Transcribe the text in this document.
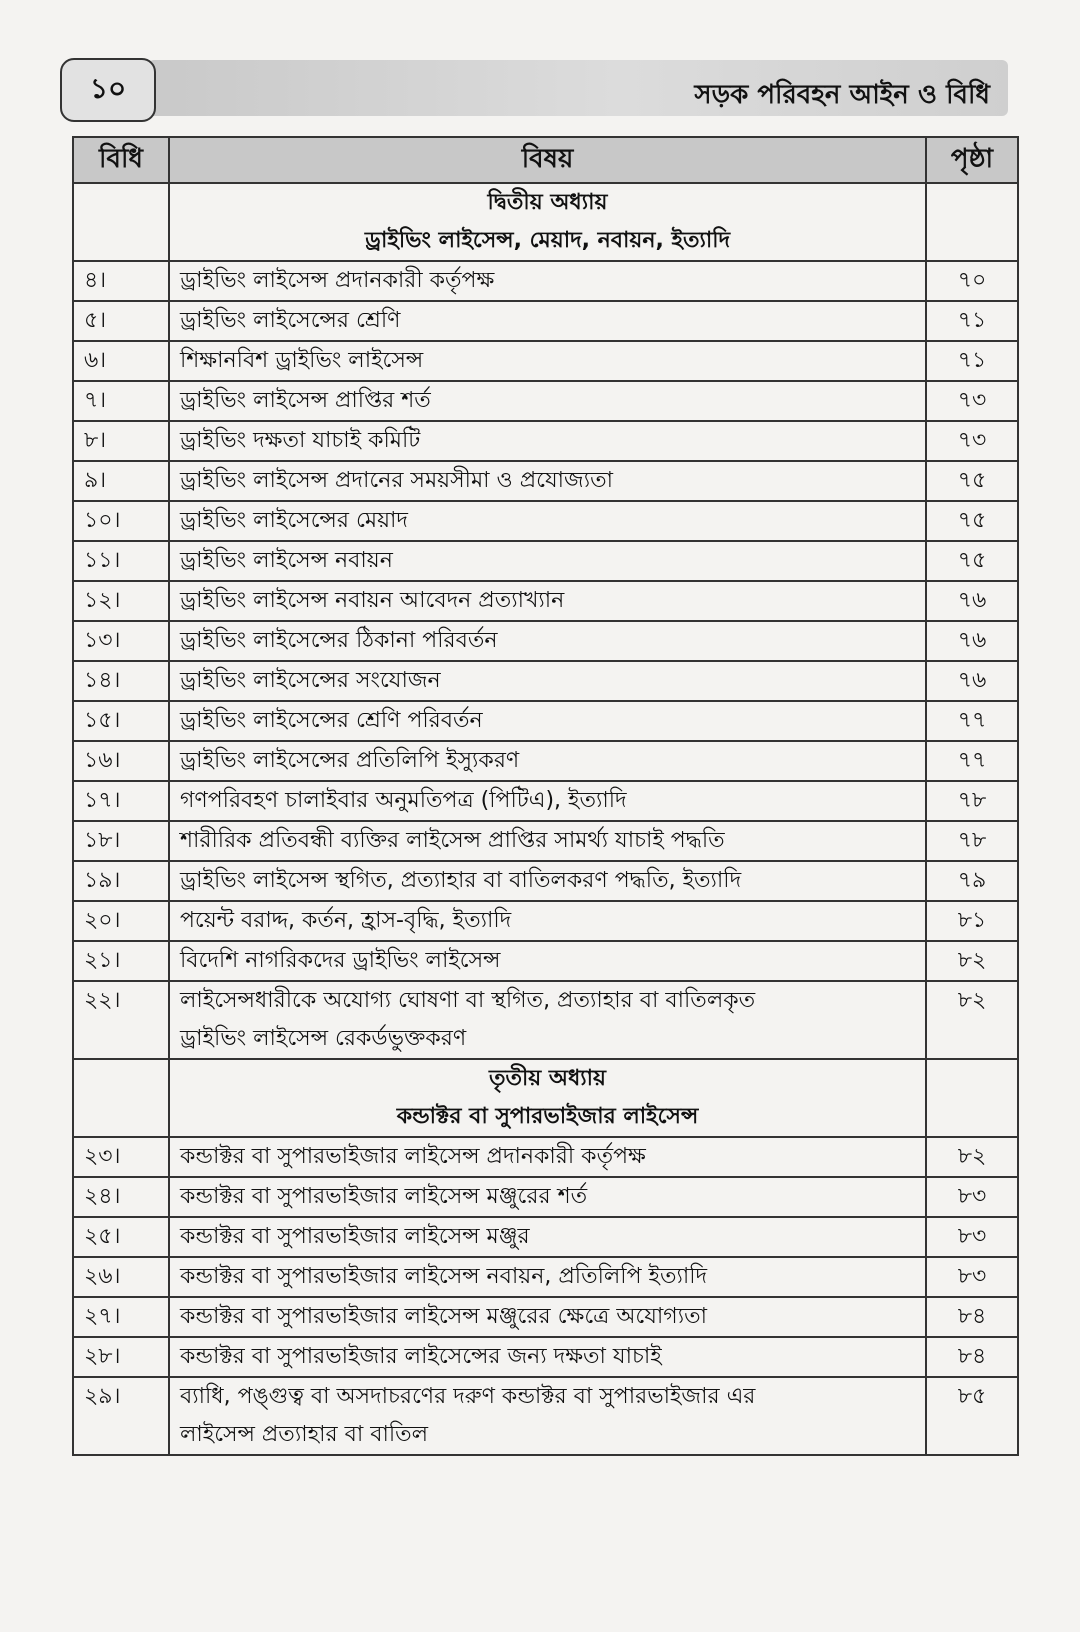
১০	সড়ক পরিবহন আইন ও বিধি
বিধি	বিষয়	পৃষ্ঠা

	দ্বিতীয় অধ্যায়
ড্রাইভিং লাইসেন্স, মেয়াদ, নবায়ন, ইত্যাদি	

৪।	ড্রাইভিং লাইসেন্স প্রদানকারী কর্তৃপক্ষ	৭০
৫।	ড্রাইভিং লাইসেন্সের শ্রেণি	৭১
৬।	শিক্ষানবিশ ড্রাইভিং লাইসেন্স	৭১
৭।	ড্রাইভিং লাইসেন্স প্রাপ্তির শর্ত	৭৩
৮।	ড্রাইভিং দক্ষতা যাচাই কমিটি	৭৩
৯।	ড্রাইভিং লাইসেন্স প্রদানের সময়সীমা ও প্রযোজ্যতা	৭৫
১০।	ড্রাইভিং লাইসেন্সের মেয়াদ	৭৫
১১।	ড্রাইভিং লাইসেন্স নবায়ন	৭৫
১২।	ড্রাইভিং লাইসেন্স নবায়ন আবেদন প্রত্যাখ্যান	৭৬
১৩।	ড্রাইভিং লাইসেন্সের ঠিকানা পরিবর্তন	৭৬
১৪।	ড্রাইভিং লাইসেন্সের সংযোজন	৭৬
১৫।	ড্রাইভিং লাইসেন্সের শ্রেণি পরিবর্তন	৭৭
১৬।	ড্রাইভিং লাইসেন্সের প্রতিলিপি ইস্যুকরণ	৭৭
১৭।	গণপরিবহণ চালাইবার অনুমতিপত্র (পিটিএ), ইত্যাদি	৭৮
১৮।	শারীরিক প্রতিবন্ধী ব্যক্তির লাইসেন্স প্রাপ্তির সামর্থ্য যাচাই পদ্ধতি	৭৮
১৯।	ড্রাইভিং লাইসেন্স স্থগিত, প্রত্যাহার বা বাতিলকরণ পদ্ধতি, ইত্যাদি	৭৯
২০।	পয়েন্ট বরাদ্দ, কর্তন, হ্রাস-বৃদ্ধি, ইত্যাদি	৮১
২১।	বিদেশি নাগরিকদের ড্রাইভিং লাইসেন্স	৮২
২২।	লাইসেন্সধারীকে অযোগ্য ঘোষণা বা স্থগিত, প্রত্যাহার বা বাতিলকৃত
ড্রাইভিং লাইসেন্স রেকর্ডভুক্তকরণ	৮২

	তৃতীয় অধ্যায়
কন্ডাক্টর বা সুপারভাইজার লাইসেন্স	

২৩।	কন্ডাক্টর বা সুপারভাইজার লাইসেন্স প্রদানকারী কর্তৃপক্ষ	৮২
২৪।	কন্ডাক্টর বা সুপারভাইজার লাইসেন্স মঞ্জুরের শর্ত	৮৩
২৫।	কন্ডাক্টর বা সুপারভাইজার লাইসেন্স মঞ্জুর	৮৩
২৬।	কন্ডাক্টর বা সুপারভাইজার লাইসেন্স নবায়ন, প্রতিলিপি ইত্যাদি	৮৩
২৭।	কন্ডাক্টর বা সুপারভাইজার লাইসেন্স মঞ্জুরের ক্ষেত্রে অযোগ্যতা	৮৪
২৮।	কন্ডাক্টর বা সুপারভাইজার লাইসেন্সের জন্য দক্ষতা যাচাই	৮৪
২৯।	ব্যাধি, পঙ্গুত্ব বা অসদাচরণের দরুণ কন্ডাক্টর বা সুপারভাইজার এর
লাইসেন্স প্রত্যাহার বা বাতিল	৮৫
